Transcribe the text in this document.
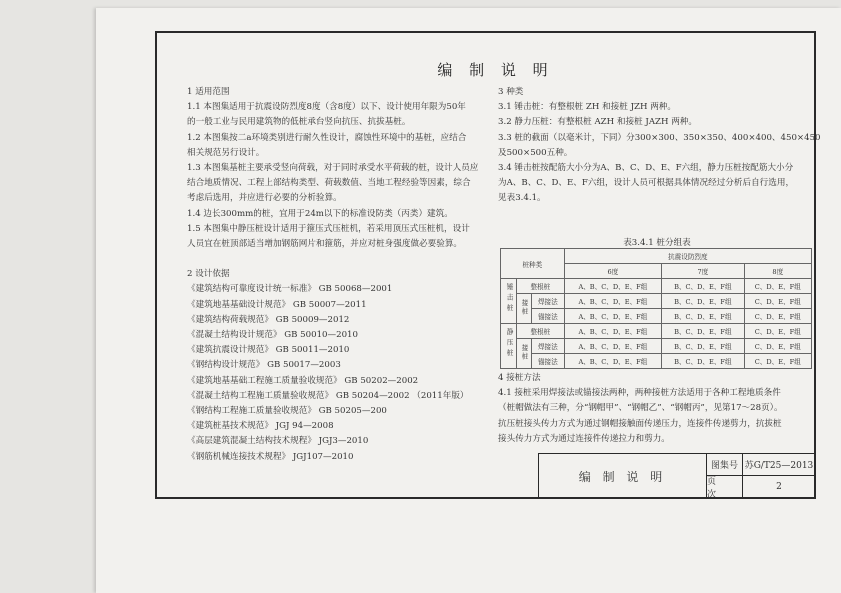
编 制 说 明

1 适用范围

1.1 本图集适用于抗震设防烈度8度（含8度）以下、设计使用年限为50年

的一般工业与民用建筑物的低桩承台竖向抗压、抗拔基桩。

1.2 本图集按二a环境类别进行耐久性设计，腐蚀性环境中的基桩，应结合

相关规范另行设计。

1.3 本图集基桩主要承受竖向荷载，对于同时承受水平荷载的桩，设计人员应

结合地质情况、工程上部结构类型、荷载数值、当地工程经验等因素，综合

考虑后选用，并应进行必要的分析验算。

1.4 边长300mm的桩，宜用于24m以下的标准设防类（丙类）建筑。

1.5 本图集中静压桩设计适用于箍压式压桩机，若采用顶压式压桩机，设计

人员宜在桩顶部适当增加钢筋网片和箍筋，并应对桩身强度做必要验算。

2 设计依据

《建筑结构可靠度设计统一标准》 GB 50068—2001

《建筑地基基础设计规范》 GB 50007—2011

《建筑结构荷载规范》 GB 50009—2012

《混凝土结构设计规范》 GB 50010—2010

《建筑抗震设计规范》 GB 50011—2010

《钢结构设计规范》 GB 50017—2003

《建筑地基基础工程施工质量验收规范》 GB 50202—2002

《混凝土结构工程施工质量验收规范》 GB 50204—2002 （2011年版）

《钢结构工程施工质量验收规范》 GB 50205—200

《建筑桩基技术规范》 JGJ 94—2008

《高层建筑混凝土结构技术规程》 JGJ3—2010

《钢筋机械连接技术规程》 JGJ107—2010

3 种类

3.1 锤击桩：有整根桩 ZH 和接桩 JZH 两种。

3.2 静力压桩：有整根桩 AZH 和接桩 JAZH 两种。

3.3 桩的截面（以毫米计，下同）分300×300、350×350、400×400、450×450

及500×500五种。

3.4 锤击桩按配筋大小分为A、B、C、D、E、F六组，静力压桩按配筋大小分

为A、B、C、D、E、F六组，设计人员可根据具体情况经过分析后自行选用，

见表3.4.1。

表3.4.1 桩分组表
桩种类			抗震设防烈度		
			6度	7度	8度
锤击桩	整根桩		A、B、C、D、E、F组	B、C、D、E、F组	C、D、E、F组
	接桩	焊接法	A、B、C、D、E、F组	B、C、D、E、F组	C、D、E、F组
		锚接法	A、B、C、D、E、F组	B、C、D、E、F组	C、D、E、F组
静压桩	整根桩		A、B、C、D、E、F组	B、C、D、E、F组	C、D、E、F组
	接桩	焊接法	A、B、C、D、E、F组	B、C、D、E、F组	C、D、E、F组
		锚接法	A、B、C、D、E、F组	B、C、D、E、F组	C、D、E、F组

4 接桩方法

4.1 接桩采用焊接法或锚接法两种，两种接桩方法适用于各种工程地质条件

（桩帽做法有三种，分“钢帽甲”、“钢帽乙”、“钢帽丙”，见第17～28页）。

抗压桩接头传力方式为通过钢帽接触面传递压力，连接件传递剪力，抗拔桩

接头传力方式为通过连接件传递拉力和剪力。

编 制 说 明
图集号 苏G/T25—2013
页 次
2
